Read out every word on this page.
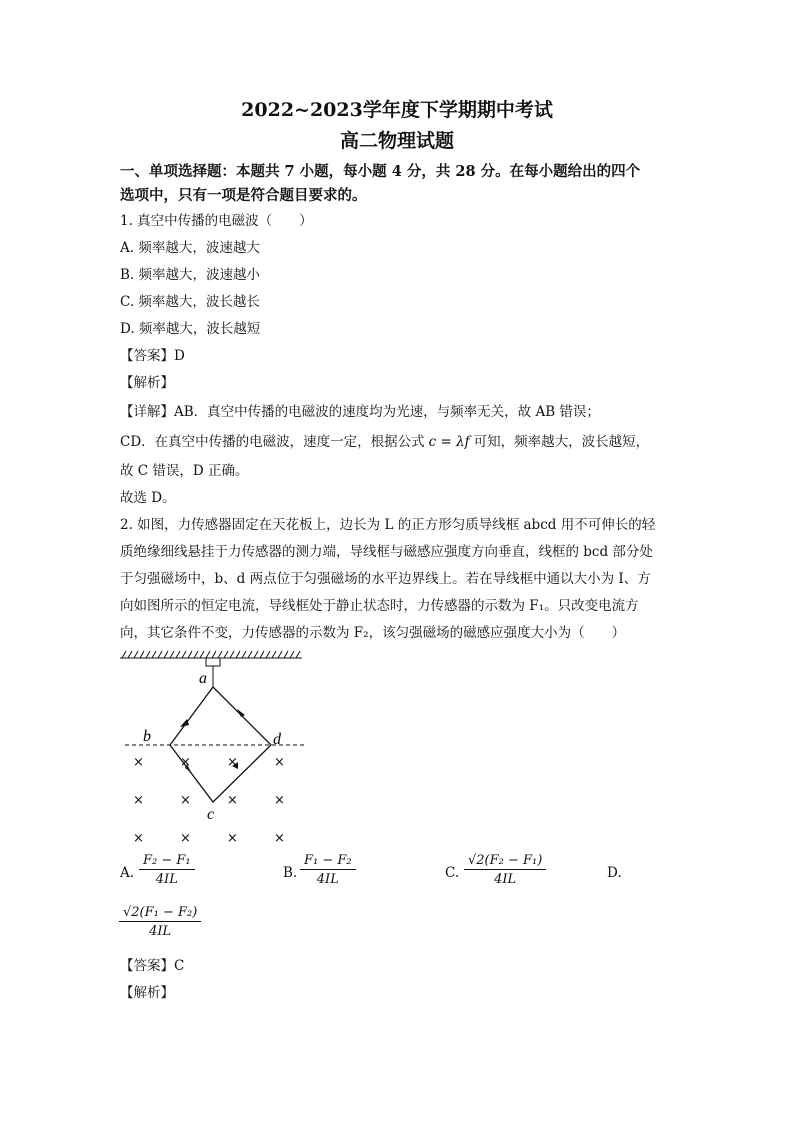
2022~2023学年度下学期期中考试
高二物理试题
一、单项选择题：本题共 7 小题，每小题 4 分，共 28 分。在每小题给出的四个
选项中，只有一项是符合题目要求的。
1. 真空中传播的电磁波（　　）
A. 频率越大，波速越大
B. 频率越大，波速越小
C. 频率越大，波长越长
D. 频率越大，波长越短
【答案】D
【解析】
【详解】AB．真空中传播的电磁波的速度均为光速，与频率无关，故 AB 错误；
CD．在真空中传播的电磁波，速度一定，根据公式 c = λf 可知，频率越大，波长越短，
故 C 错误，D 正确。
故选 D。
2. 如图，力传感器固定在天花板上，边长为 L 的正方形匀质导线框 abcd 用不可伸长的轻
质绝缘细线悬挂于力传感器的测力端，导线框与磁感应强度方向垂直，线框的 bcd 部分处
于匀强磁场中，b、d 两点位于匀强磁场的水平边界线上。若在导线框中通以大小为 I、方
向如图所示的恒定电流，导线框处于静止状态时，力传感器的示数为 F₁。只改变电流方
向，其它条件不变，力传感器的示数为 F₂，该匀强磁场的磁感应强度大小为（　　）
a
b	d
c
×	×	×	×
×	×	×	×
×	×	×	×
A. $\frac{\text{F₂ − F₁}}{4IL}$	B. $\frac{\text{F₁ − F₂}}{4IL}$	C. $\frac{\text{√2(F₂ − F₁)}}{4IL}$	D.
$\frac{\text{√2(F₁ − F₂)}}{4IL}$
【答案】C
【解析】
